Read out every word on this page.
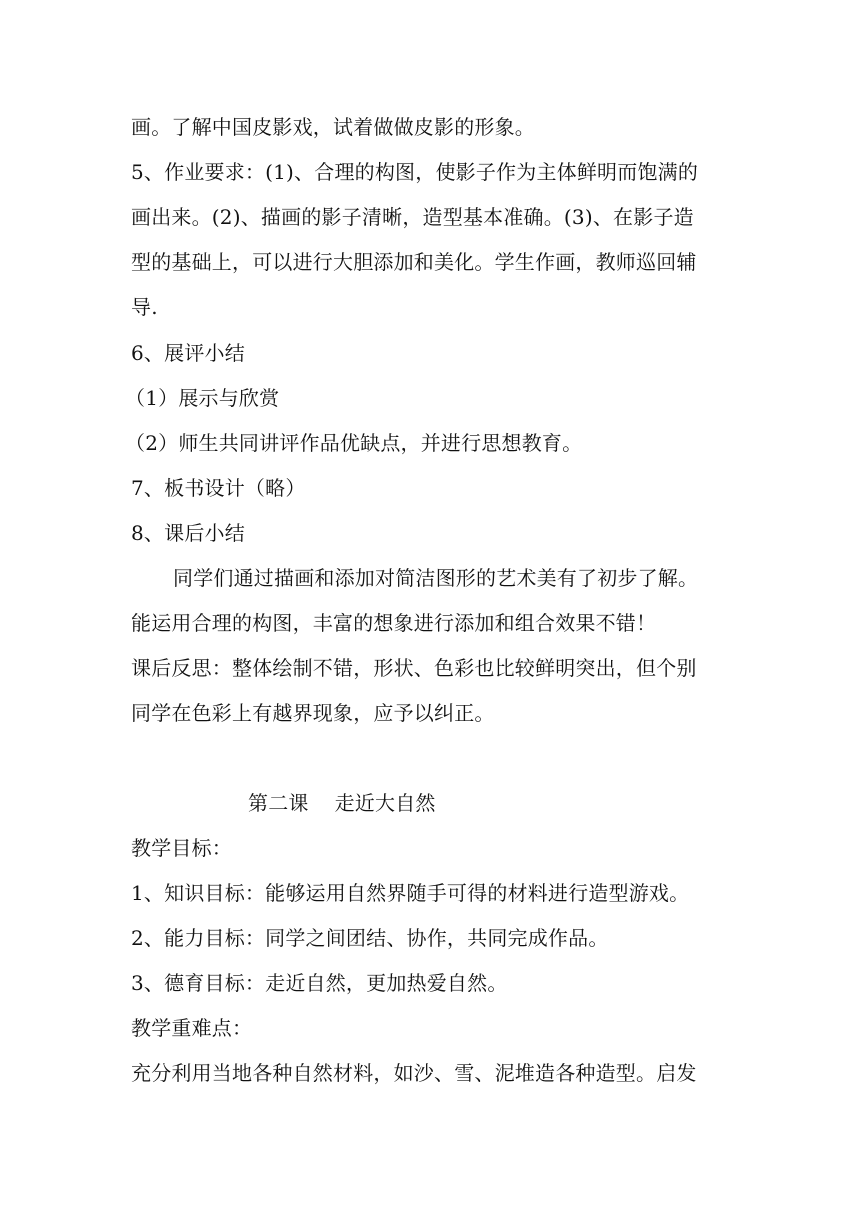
画。了解中国皮影戏，试着做做皮影的形象。
5、作业要求：(1)、合理的构图，使影子作为主体鲜明而饱满的
画出来。(2)、描画的影子清晰，造型基本准确。(3)、在影子造
型的基础上，可以进行大胆添加和美化。学生作画，教师巡回辅
导.
6、展评小结
（1）展示与欣赏
（2）师生共同讲评作品优缺点，并进行思想教育。
7、板书设计（略）
8、课后小结
同学们通过描画和添加对简洁图形的艺术美有了初步了解。
能运用合理的构图，丰富的想象进行添加和组合效果不错！
课后反思：整体绘制不错，形状、色彩也比较鲜明突出，但个别
同学在色彩上有越界现象，应予以纠正。
第二课 走近大自然
教学目标：
1、知识目标：能够运用自然界随手可得的材料进行造型游戏。
2、能力目标：同学之间团结、协作，共同完成作品。
3、德育目标：走近自然，更加热爱自然。
教学重难点：
充分利用当地各种自然材料，如沙、雪、泥堆造各种造型。启发
